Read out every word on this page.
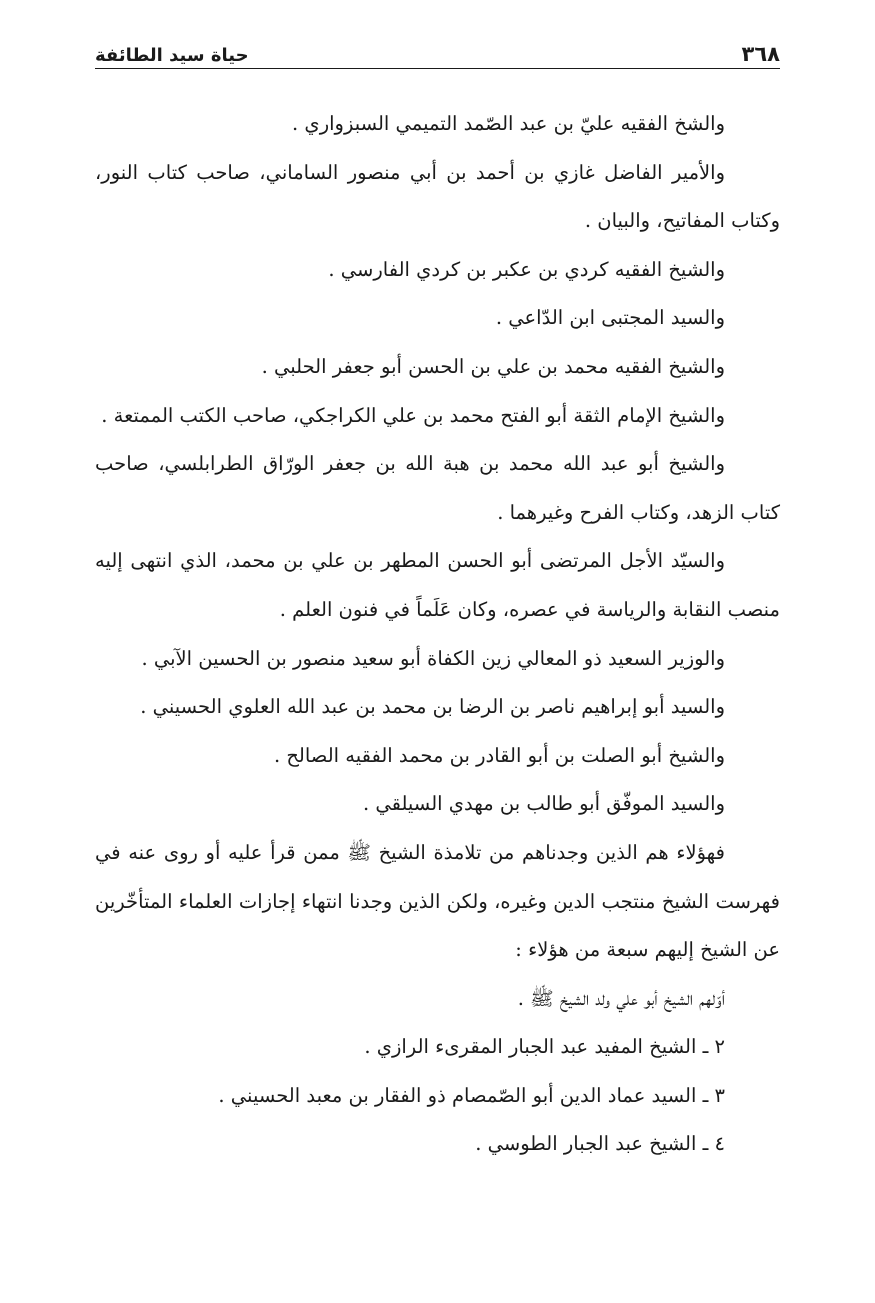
٣٦٨
حياة سيد الطائفة

والشخ الفقيه عليّ بن عبد الصّمد التميمي السبزواري .

والأمير الفاضل غازي بن أحمد بن أبي منصور الساماني، صاحب كتاب النور، وكتاب المفاتيح، والبيان .

والشيخ الفقيه كردي بن عكبر بن كردي الفارسي .

والسيد المجتبى ابن الدّاعي .

والشيخ الفقيه محمد بن علي بن الحسن أبو جعفر الحلبي .

والشيخ الإمام الثقة أبو الفتح محمد بن علي الكراجكي، صاحب الكتب الممتعة .

والشيخ أبو عبد الله محمد بن هبة الله بن جعفر الورّاق الطرابلسي، صاحب كتاب الزهد، وكتاب الفرح وغيرهما .

والسيّد الأجل المرتضى أبو الحسن المطهر بن علي بن محمد، الذي انتهى إليه منصب النقابة والرياسة في عصره، وكان عَلَماً في فنون العلم .

والوزير السعيد ذو المعالي زين الكفاة أبو سعيد منصور بن الحسين الآبي .

والسيد أبو إبراهيم ناصر بن الرضا بن محمد بن عبد الله العلوي الحسيني .

والشيخ أبو الصلت بن أبو القادر بن محمد الفقيه الصالح .

والسيد الموفّق أبو طالب بن مهدي السيلقي .

فهؤلاء هم الذين وجدناهم من تلامذة الشيخ ﷺ ممن قرأ عليه أو روى عنه في فهرست الشيخ منتجب الدين وغيره، ولكن الذين وجدنا انتهاء إجازات العلماء المتأخّرين عن الشيخ إليهم سبعة من هؤلاء :

أوّلهم الشيخ أبو علي ولد الشيخ ﷺ .

٢ ـ الشيخ المفيد عبد الجبار المقرىء الرازي .

٣ ـ السيد عماد الدين أبو الصّمصام ذو الفقار بن معبد الحسيني .

٤ ـ الشيخ عبد الجبار الطوسي .
